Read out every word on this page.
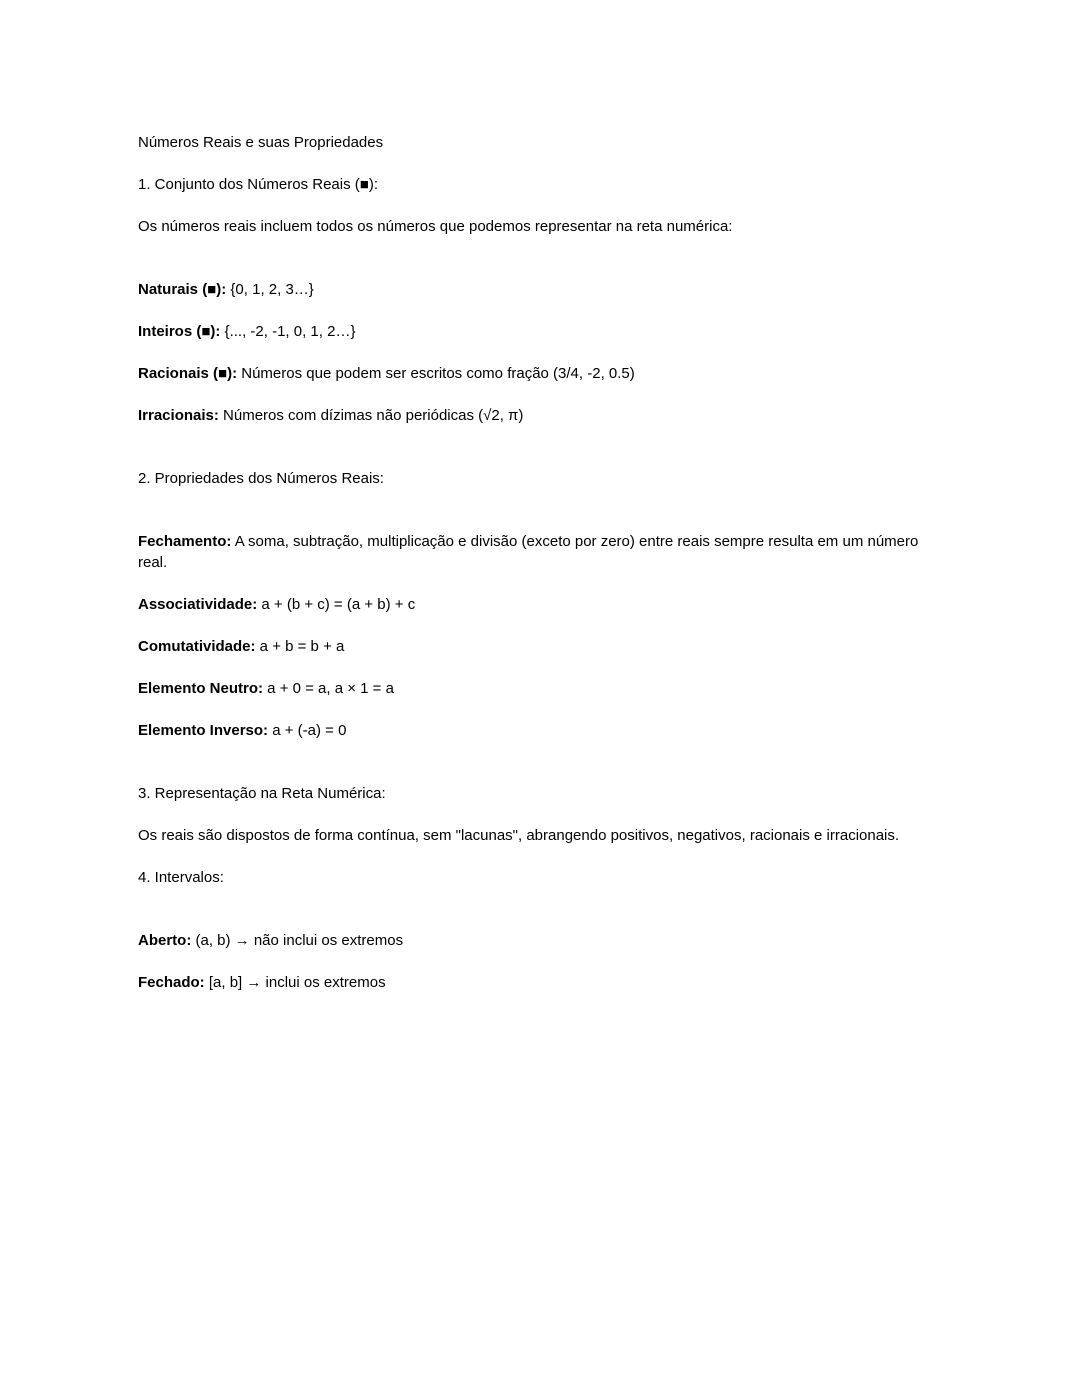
Números Reais e suas Propriedades

1. Conjunto dos Números Reais (■):

Os números reais incluem todos os números que podemos representar na reta numérica:

Naturais (■): {0, 1, 2, 3…}

Inteiros (■): {..., -2, -1, 0, 1, 2…}

Racionais (■): Números que podem ser escritos como fração (3/4, -2, 0.5)

Irracionais: Números com dízimas não periódicas (√2, π)

2. Propriedades dos Números Reais:

Fechamento: A soma, subtração, multiplicação e divisão (exceto por zero) entre reais sempre resulta em um número real.

Associatividade: a + (b + c) = (a + b) + c

Comutatividade: a + b = b + a

Elemento Neutro: a + 0 = a, a × 1 = a

Elemento Inverso: a + (-a) = 0

3. Representação na Reta Numérica:

Os reais são dispostos de forma contínua, sem "lacunas", abrangendo positivos, negativos, racionais e irracionais.

4. Intervalos:

Aberto: (a, b) → não inclui os extremos

Fechado: [a, b] → inclui os extremos
